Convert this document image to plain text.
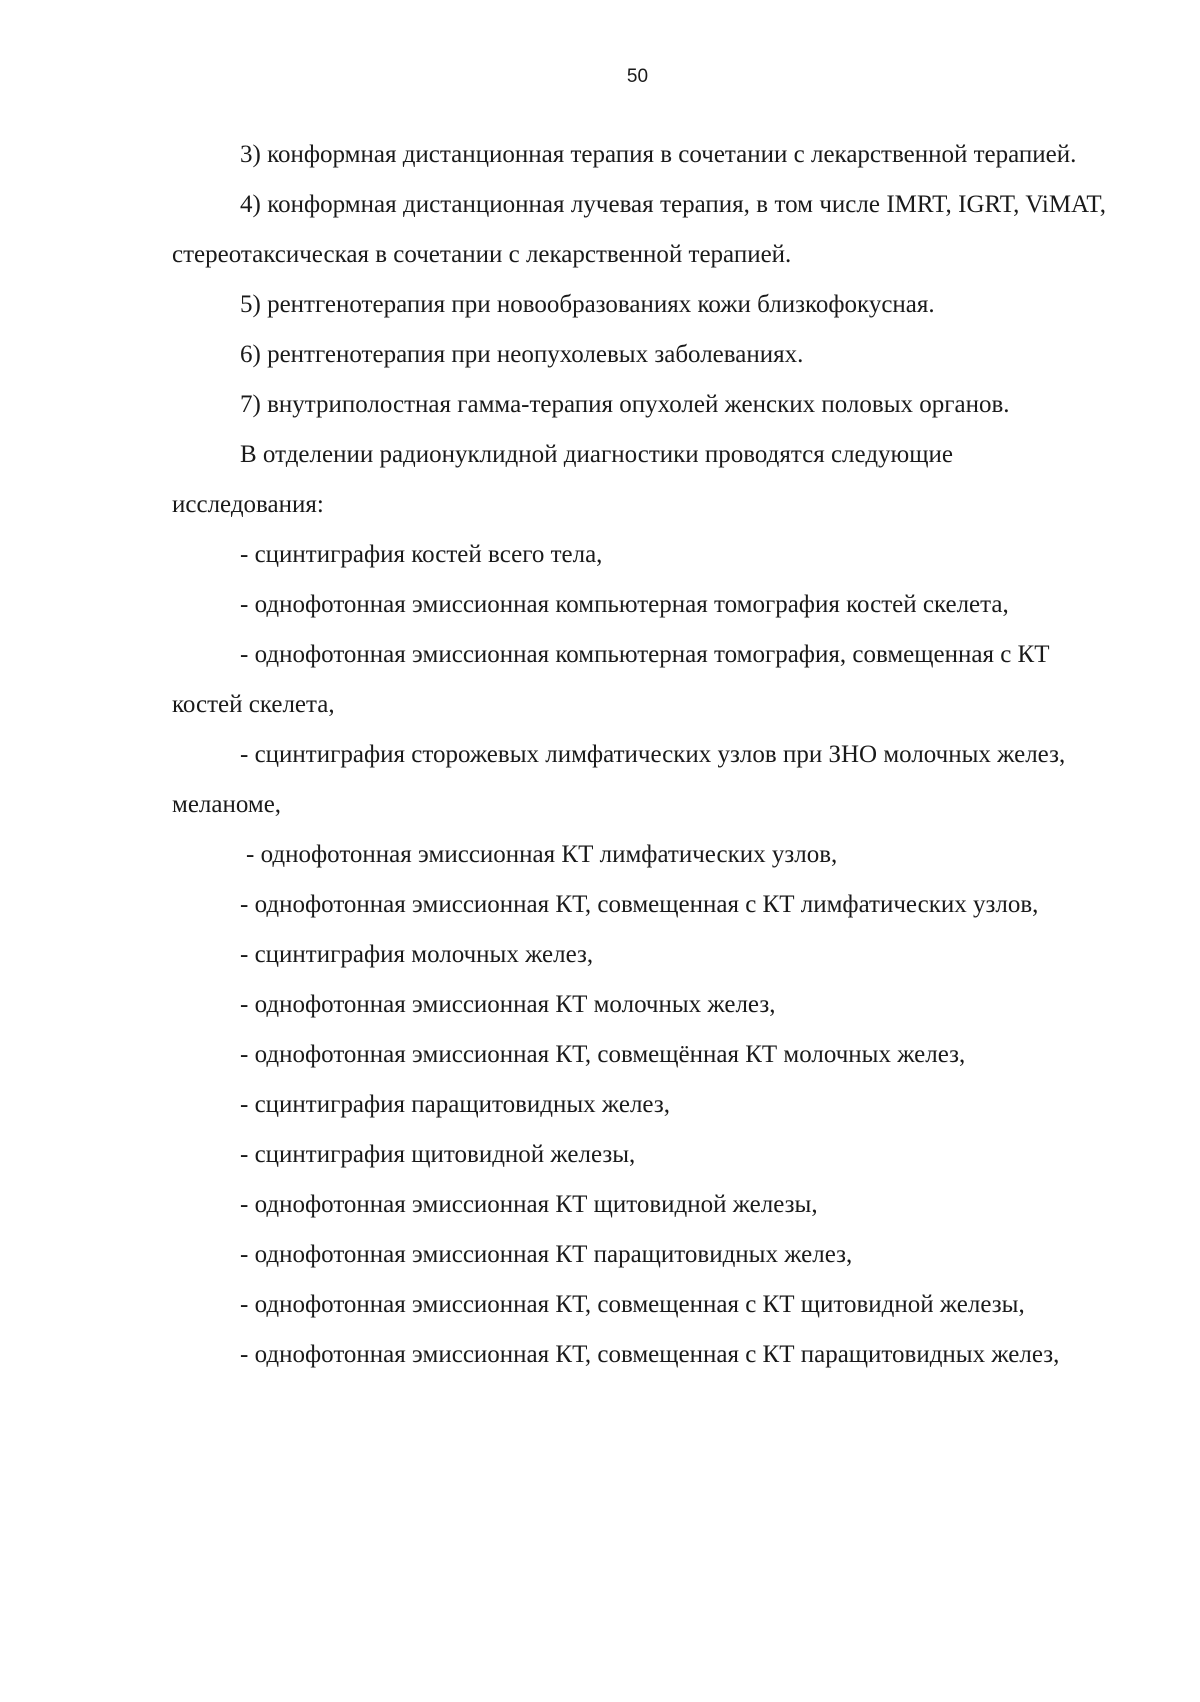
50

3) конформная дистанционная терапия в сочетании с лекарственной терапией.

4) конформная дистанционная лучевая терапия, в том числе IMRT, IGRT, ViMAT, стереотаксическая в сочетании с лекарственной терапией.

5) рентгенотерапия при новообразованиях кожи близкофокусная.

6) рентгенотерапия при неопухолевых заболеваниях.

7) внутриполостная гамма-терапия опухолей женских половых органов.

В отделении радионуклидной диагностики проводятся следующие исследования:

- сцинтиграфия костей всего тела,

- однофотонная эмиссионная компьютерная томография костей скелета,

- однофотонная эмиссионная компьютерная томография, совмещенная с КТ костей скелета,

- сцинтиграфия сторожевых лимфатических узлов при ЗНО молочных желез, меланоме,

- однофотонная эмиссионная КТ лимфатических узлов,

- однофотонная эмиссионная КТ, совмещенная с КТ лимфатических узлов,

- сцинтиграфия молочных желез,

- однофотонная эмиссионная КТ молочных желез,

- однофотонная эмиссионная КТ, совмещённая КТ молочных желез,

- сцинтиграфия паращитовидных желез,

- сцинтиграфия щитовидной железы,

- однофотонная эмиссионная КТ щитовидной железы,

- однофотонная эмиссионная КТ паращитовидных желез,

- однофотонная эмиссионная КТ, совмещенная с КТ щитовидной железы,

- однофотонная эмиссионная КТ, совмещенная с КТ паращитовидных желез,
